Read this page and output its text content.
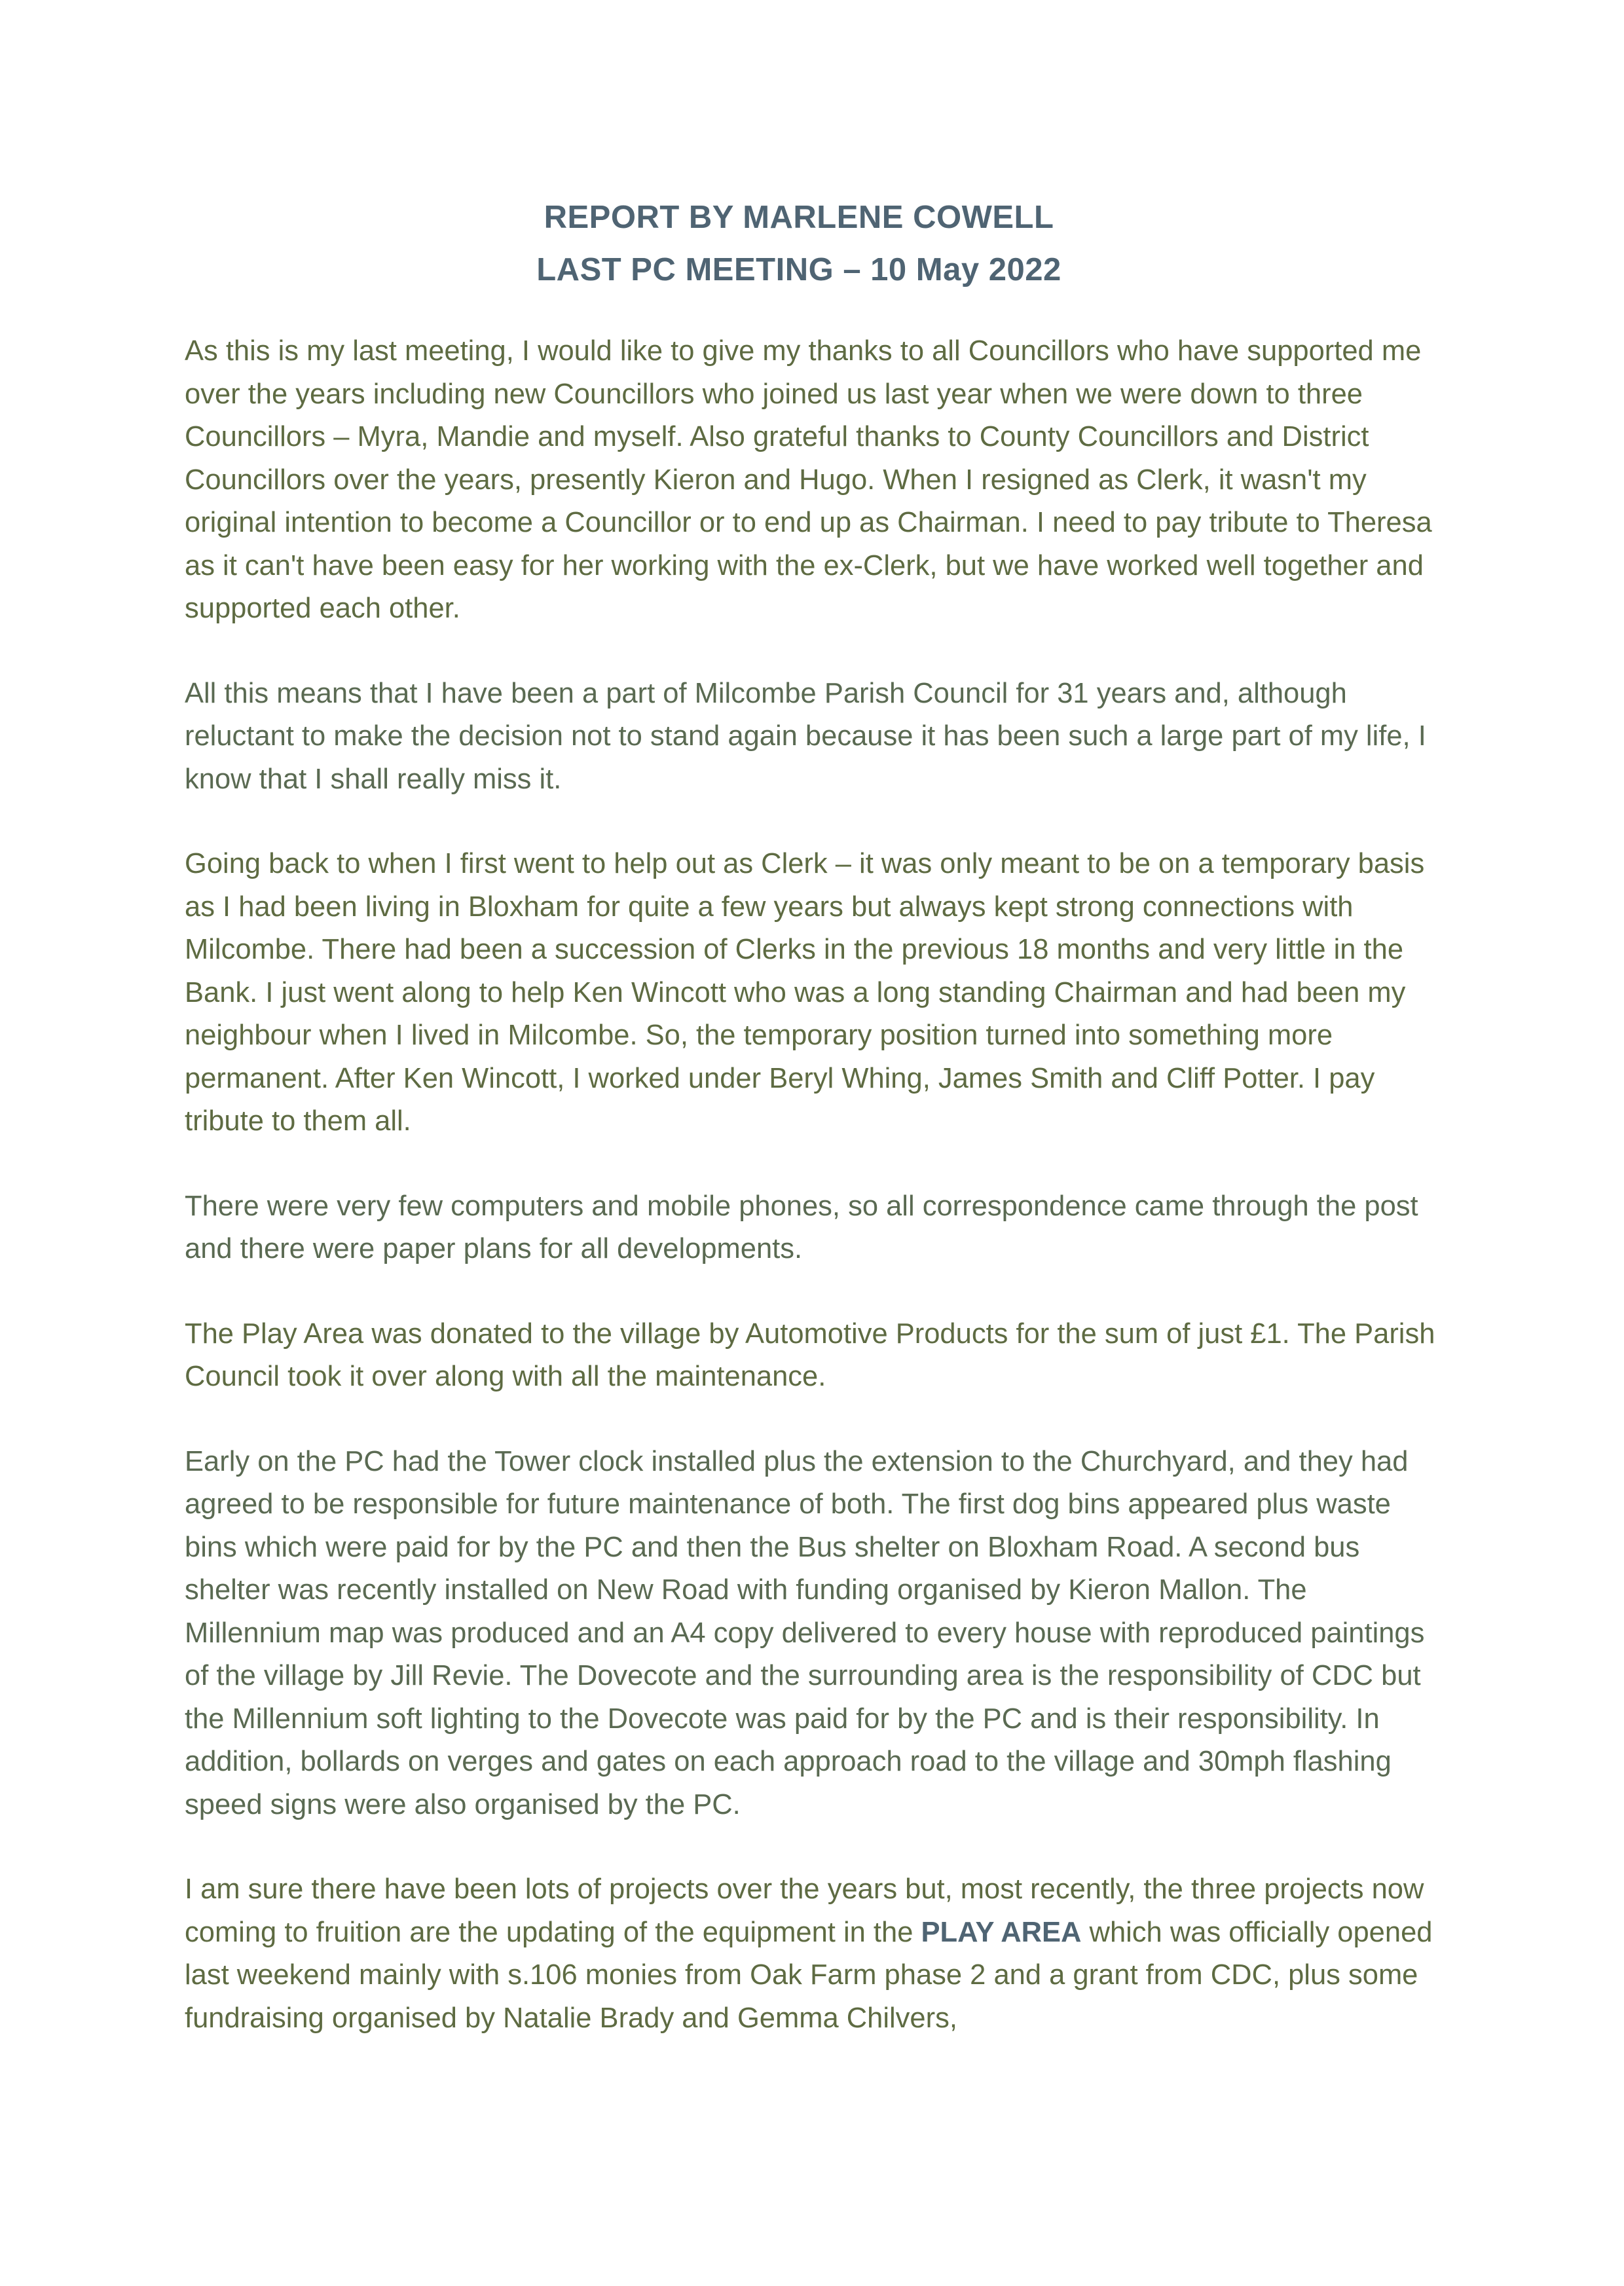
REPORT BY MARLENE COWELL
LAST PC MEETING – 10 May 2022

As this is my last meeting, I would like to give my thanks to all Councillors who have supported me over the years including new Councillors who joined us last year when we were down to three Councillors – Myra, Mandie and myself. Also grateful thanks to County Councillors and District Councillors over the years, presently Kieron and Hugo. When I resigned as Clerk, it wasn't my original intention to become a Councillor or to end up as Chairman. I need to pay tribute to Theresa as it can't have been easy for her working with the ex-Clerk, but we have worked well together and supported each other.

All this means that I have been a part of Milcombe Parish Council for 31 years and, although reluctant to make the decision not to stand again because it has been such a large part of my life, I know that I shall really miss it.

Going back to when I first went to help out as Clerk – it was only meant to be on a temporary basis as I had been living in Bloxham for quite a few years but always kept strong connections with Milcombe. There had been a succession of Clerks in the previous 18 months and very little in the Bank. I just went along to help Ken Wincott who was a long standing Chairman and had been my neighbour when I lived in Milcombe. So, the temporary position turned into something more permanent. After Ken Wincott, I worked under Beryl Whing, James Smith and Cliff Potter. I pay tribute to them all.

There were very few computers and mobile phones, so all correspondence came through the post and there were paper plans for all developments.

The Play Area was donated to the village by Automotive Products for the sum of just £1. The Parish Council took it over along with all the maintenance.

Early on the PC had the Tower clock installed plus the extension to the Churchyard, and they had agreed to be responsible for future maintenance of both. The first dog bins appeared plus waste bins which were paid for by the PC and then the Bus shelter on Bloxham Road. A second bus shelter was recently installed on New Road with funding organised by Kieron Mallon. The Millennium map was produced and an A4 copy delivered to every house with reproduced paintings of the village by Jill Revie. The Dovecote and the surrounding area is the responsibility of CDC but the Millennium soft lighting to the Dovecote was paid for by the PC and is their responsibility. In addition, bollards on verges and gates on each approach road to the village and 30mph flashing speed signs were also organised by the PC.

I am sure there have been lots of projects over the years but, most recently, the three projects now coming to fruition are the updating of the equipment in the PLAY AREA which was officially opened last weekend mainly with s.106 monies from Oak Farm phase 2 and a grant from CDC, plus some fundraising organised by Natalie Brady and Gemma Chilvers,
